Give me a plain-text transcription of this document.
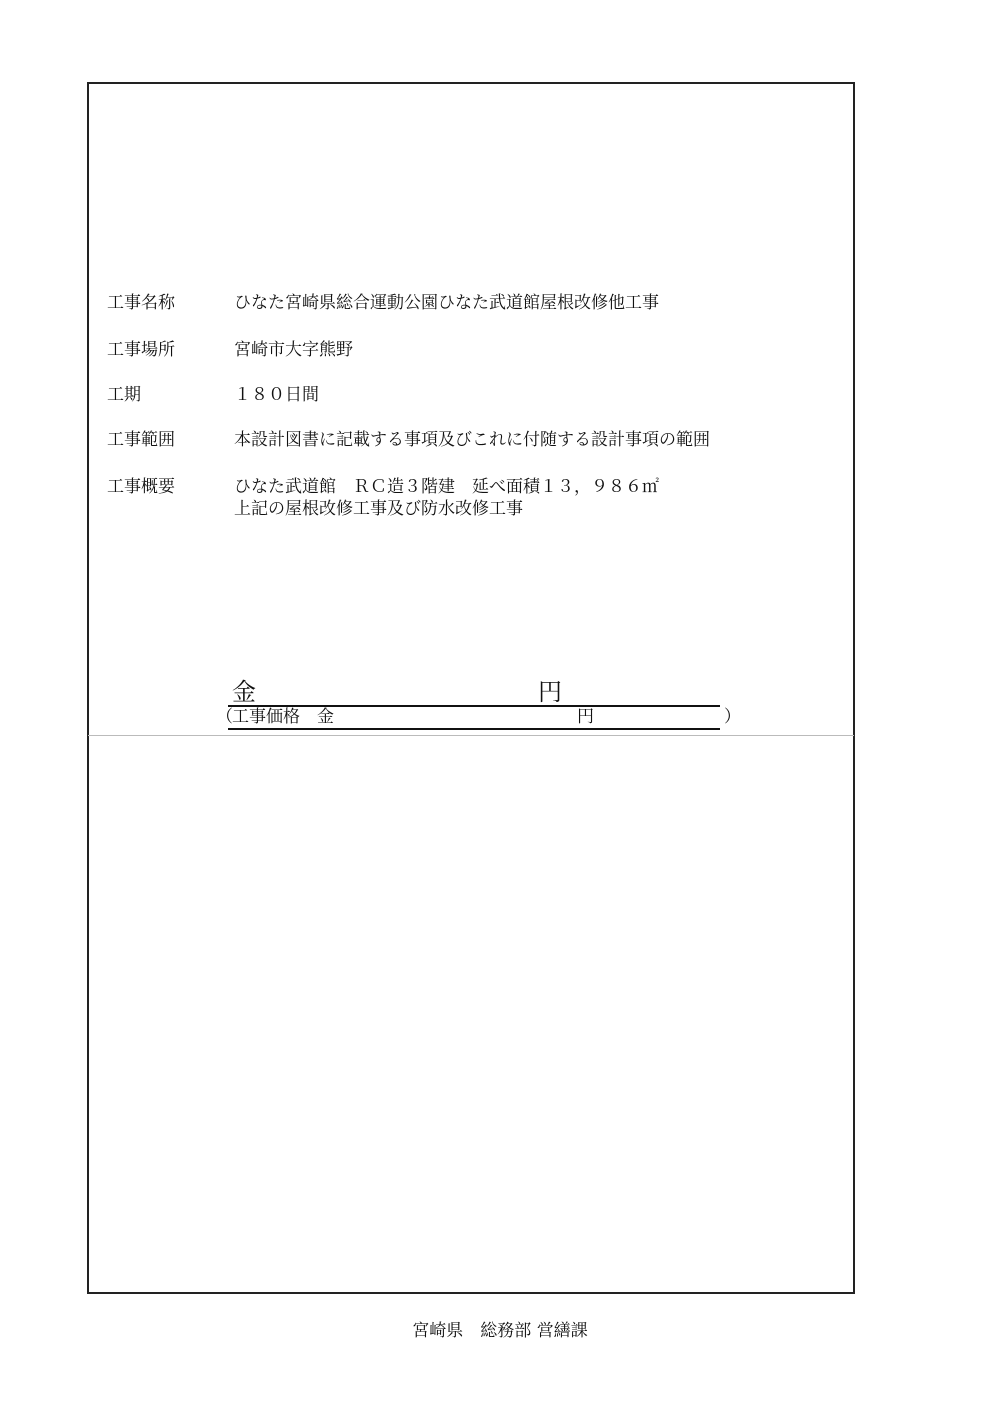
工事名称	ひなた宮崎県総合運動公園ひなた武道館屋根改修他工事
工事場所	宮崎市大字熊野
工期	１８０日間
工事範囲	本設計図書に記載する事項及びこれに付随する設計事項の範囲
工事概要	ひなた武道館　ＲＣ造３階建　延べ面積１３，９８６㎡
上記の屋根改修工事及び防水改修工事
金	円
（ 工事価格　金	円	）
宮崎県　総務部 営繕課
